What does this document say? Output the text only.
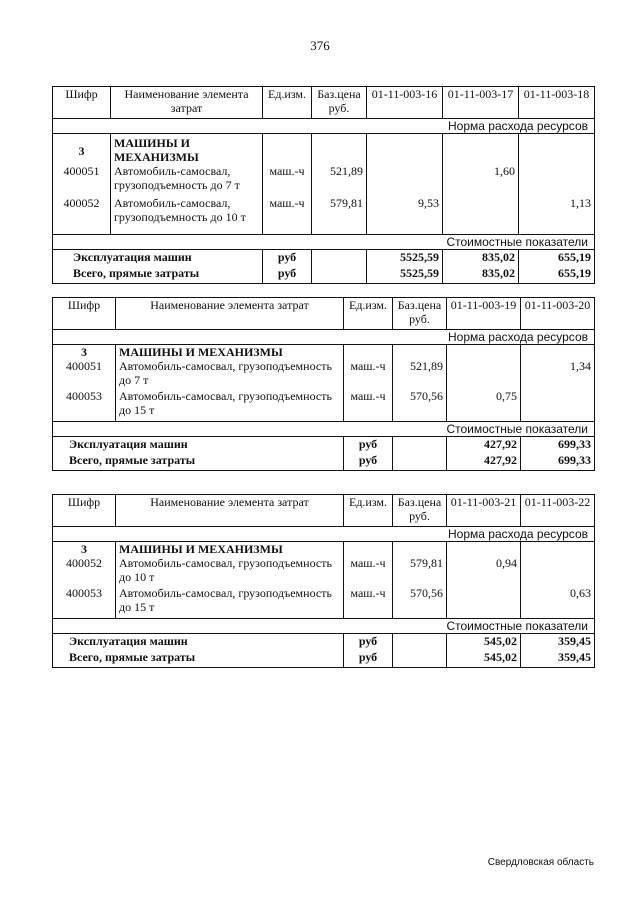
376
Шифр	Наименование элемента затрат	Ед.изм.	Баз.цена руб.	01-11-003-16	01-11-003-17	01-11-003-18
Норма расхода ресурсов						
3	МАШИНЫ И МЕХАНИЗМЫ					
400051	Автомобиль-самосвал, грузоподъемность до 7 т	маш.-ч	521,89		1,60	
400052	Автомобиль-самосвал, грузоподъемность до 10 т	маш.-ч	579,81	9,53		1,13
Стоимостные показатели						
Эксплуатация машин		руб		5525,59	835,02	655,19
Всего, прямые затраты		руб		5525,59	835,02	655,19
Шифр	Наименование элемента затрат	Ед.изм.	Баз.цена руб.	01-11-003-19	01-11-003-20
Норма расхода ресурсов					
3	МАШИНЫ И МЕХАНИЗМЫ				
400051	Автомобиль-самосвал, грузоподъемность до 7 т	маш.-ч	521,89		1,34
400053	Автомобиль-самосвал, грузоподъемность до 15 т	маш.-ч	570,56	0,75	
Стоимостные показатели					
Эксплуатация машин		руб		427,92	699,33
Всего, прямые затраты		руб		427,92	699,33
Шифр	Наименование элемента затрат	Ед.изм.	Баз.цена руб.	01-11-003-21	01-11-003-22
Норма расхода ресурсов					
3	МАШИНЫ И МЕХАНИЗМЫ				
400052	Автомобиль-самосвал, грузоподъемность до 10 т	маш.-ч	579,81	0,94	
400053	Автомобиль-самосвал, грузоподъемность до 15 т	маш.-ч	570,56		0,63
Стоимостные показатели					
Эксплуатация машин		руб		545,02	359,45
Всего, прямые затраты		руб		545,02	359,45
Свердловская область
